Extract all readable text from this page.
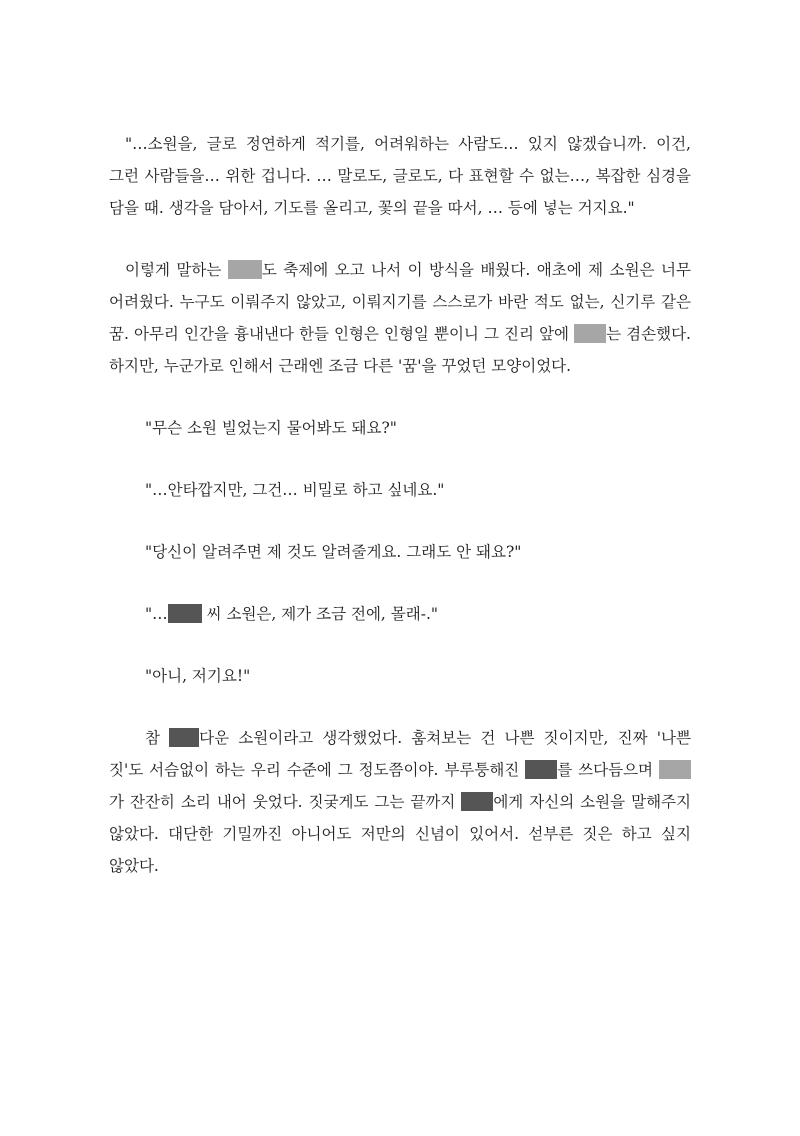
"…소원을, 글로 정연하게 적기를, 어려워하는 사람도… 있지 않겠습니까. 이건, 그런 사람들을… 위한 겁니다. … 말로도, 글로도, 다 표현할 수 없는…, 복잡한 심경을 담을 때. 생각을 담아서, 기도를 올리고, 꽃의 끝을 따서, … 등에 넣는 거지요."

이렇게 말하는 도 축제에 오고 나서 이 방식을 배웠다. 애초에 제 소원은 너무 어려웠다. 누구도 이뤄주지 않았고, 이뤄지기를 스스로가 바란 적도 없는, 신기루 같은 꿈. 아무리 인간을 흉내낸다 한들 인형은 인형일 뿐이니 그 진리 앞에 는 겸손했다. 하지만, 누군가로 인해서 근래엔 조금 다른 '꿈'을 꾸었던 모양이었다.

"무슨 소원 빌었는지 물어봐도 돼요?"

"…안타깝지만, 그건… 비밀로 하고 싶네요."

"당신이 알려주면 제 것도 알려줄게요. 그래도 안 돼요?"

"… 씨 소원은, 제가 조금 전에, 몰래-."

"아니, 저기요!"

참 다운 소원이라고 생각했었다. 훔쳐보는 건 나쁜 짓이지만, 진짜 '나쁜 짓'도 서슴없이 하는 우리 수준에 그 정도쯤이야. 부루퉁해진 를 쓰다듬으며 가 잔잔히 소리 내어 웃었다. 짓궂게도 그는 끝까지 에게 자신의 소원을 말해주지 않았다. 대단한 기밀까진 아니어도 저만의 신념이 있어서. 섣부른 짓은 하고 싶지 않았다.
